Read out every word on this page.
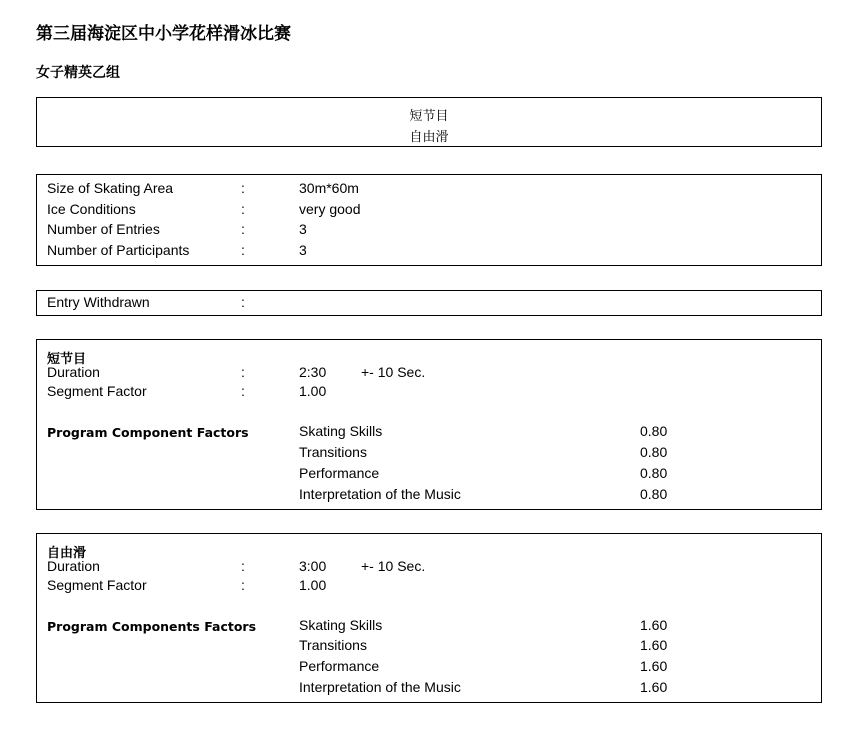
第三届海淀区中小学花样滑冰比赛
女子精英乙组
短节目
自由滑
Size of Skating Area	:	30m*60m
Ice Conditions	:	very good
Number of Entries	:	3
Number of Participants	:	3
Entry Withdrawn	:
短节目
Duration	:	2:30 +- 10 Sec.
Segment Factor	:	1.00
Program Component Factors	Skating Skills	0.80
Transitions	0.80
Performance	0.80
Interpretation of the Music	0.80
自由滑
Duration	:	3:00 +- 10 Sec.
Segment Factor	:	1.00
Program Components Factors	Skating Skills	1.60
Transitions	1.60
Performance	1.60
Interpretation of the Music	1.60
